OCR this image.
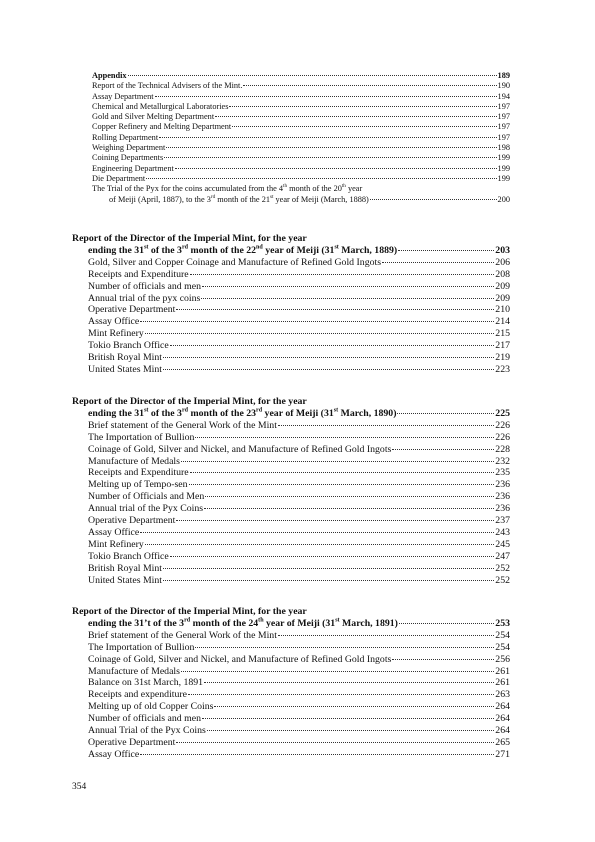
Appendix	189
Report of the Technical Advisers of the Mint.	190
Assay Department	194
Chemical and Metallurgical Laboratories	197
Gold and Silver Melting Department	197
Copper Refinery and Melting Department	197
Rolling Department	197
Weighing Department	198
Coining Departments	199
Engineering Department	199
Die Department	199
The Trial of the Pyx for the coins accumulated from the 4th month of the 20th year
of Meiji (April, 1887), to the 3rd month of the 21st year of Meiji (March, 1888)	200
Report of the Director of the Imperial Mint, for the year
ending the 31st of the 3rd month of the 22nd year of Meiji (31st March, 1889)	203
Gold, Silver and Copper Coinage and Manufacture of Refined Gold Ingots	206
Receipts and Expenditure	208
Number of officials and men	209
Annual trial of the pyx coins	209
Operative Department	210
Assay Office	214
Mint Refinery	215
Tokio Branch Office	217
British Royal Mint	219
United States Mint	223
Report of the Director of the Imperial Mint, for the year
ending the 31st of the 3rd month of the 23rd year of Meiji (31st March, 1890)	225
Brief statement of the General Work of the Mint	226
The Importation of Bullion	226
Coinage of Gold, Silver and Nickel, and Manufacture of Refined Gold Ingots	228
Manufacture of Medals	232
Receipts and Expenditure	235
Melting up of Tempo-sen	236
Number of Officials and Men	236
Annual trial of the Pyx Coins	236
Operative Department	237
Assay Office	243
Mint Refinery	245
Tokio Branch Office	247
British Royal Mint	252
United States Mint	252
Report of the Director of the Imperial Mint, for the year
ending the 31’t of the 3rd month of the 24th year of Meiji (31st March, 1891)	253
Brief statement of the General Work of the Mint	254
The Importation of Bullion	254
Coinage of Gold, Silver and Nickel, and Manufacture of Refined Gold Ingots	256
Manufacture of Medals	261
Balance on 31st March, 1891	261
Receipts and expenditure	263
Melting up of old Copper Coins	264
Number of officials and men	264
Annual Trial of the Pyx Coins	264
Operative Department	265
Assay Office	271
354
